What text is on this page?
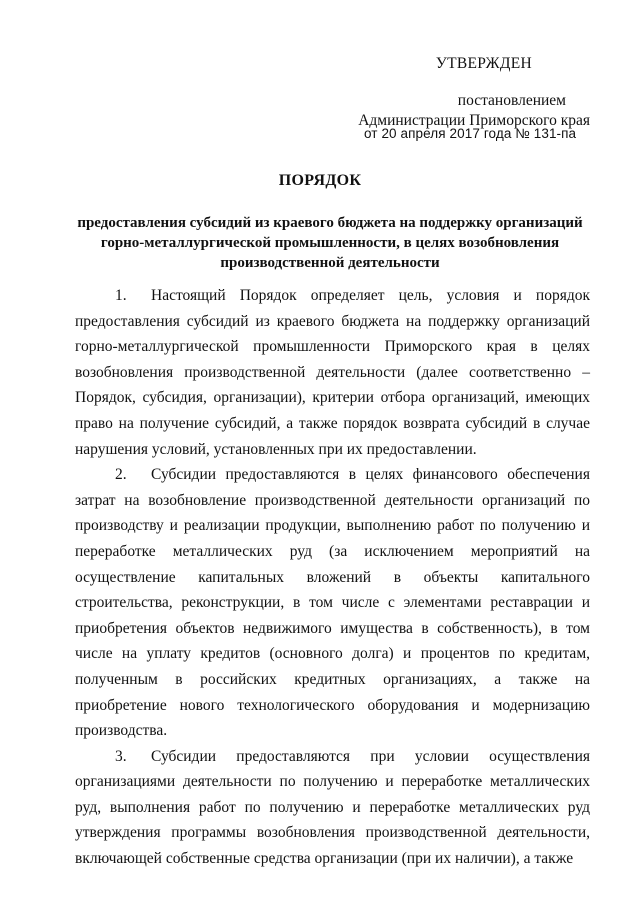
УТВЕРЖДЕН
постановлением
Администрации Приморского края
от 20 апреля 2017 года № 131-па
ПОРЯДОК
предоставления субсидий из краевого бюджета на поддержку организаций горно-металлургической промышленности, в целях возобновления производственной деятельности

1. Настоящий Порядок определяет цель, условия и порядок предоставления субсидий из краевого бюджета на поддержку организаций горно-металлургической промышленности Приморского края в целях возобновления производственной деятельности (далее соответственно – Порядок, субсидия, организации), критерии отбора организаций, имеющих право на получение субсидий, а также порядок возврата субсидий в случае нарушения условий, установленных при их предоставлении.

2. Субсидии предоставляются в целях финансового обеспечения затрат на возобновление производственной деятельности организаций по производству и реализации продукции, выполнению работ по получению и переработке металлических руд (за исключением мероприятий на осуществление капитальных вложений в объекты капитального строительства, реконструкции, в том числе с элементами реставрации и приобретения объектов недвижимого имущества в собственность), в том числе на уплату кредитов (основного долга) и процентов по кредитам, полученным в российских кредитных организациях, а также на приобретение нового технологического оборудования и модернизацию производства.

3. Субсидии предоставляются при условии осуществления организациями деятельности по получению и переработке металлических руд, выполнения работ по получению и переработке металлических руд утверждения программы возобновления производственной деятельности, включающей собственные средства организации (при их наличии), а также
